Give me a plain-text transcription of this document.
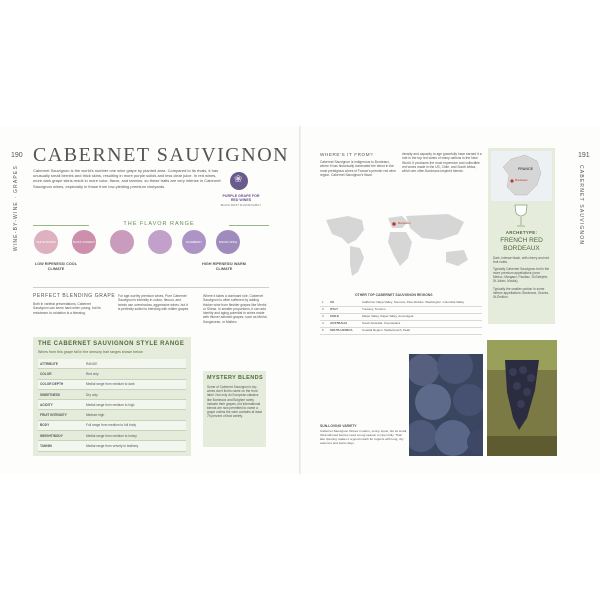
190
WINE-BY-WINE · GRAPES
CABERNET SAUVIGNON
Cabernet Sauvignon is the world's number one wine grape by planted area. Compared to its rivals, it has unusually small berries and thick skins, resulting in more purple solids and less clear juice. In red wines, more dark grape skins result in more color, flavor, and tannins, so these traits are very intense in Cabernet Sauvignon wines, especially in those from low-yielding premium vineyards.
❀
PURPLE GRAPE FOR RED WINES
BLACK FRUIT FLAVOR FAMILY
THE FLAVOR RANGE
WHITE PEPPER	BLACK CURRANT	BLUEBERRY	BAKING SPICE
LOW RIPENESS/ COOL CLIMATE
HIGH RIPENESS/ WARM CLIMATE
PERFECT BLENDING GRAPE
Both in varietal presentations, Cabernet Sauvignon can seem hard-when young, but its resistance to oxidation is a blessing.
For age-worthy premium wines, Pure Cabernet Sauvignon's intensity in colour, flavour, and tannin can overshadow, aggressive wines, but it is perfectly suited to blending with milder grapes.
Where it takes a dominant role, Cabernet Sauvignon is often softened by adding thicker wine from fleshier grapes like Merlot or Shiraz. In smaller proportions, it can add identity and aging potential to wines made with thinner-skinned grapes, such as Merlot, Sangiovese, or Malbec.
THE CABERNET SAUVIGNON STYLE RANGE
Wines from this grape fall in the sensory trait ranges shown below
ATTRIBUTE	RANGE
COLOR	Red only
COLOR DEPTH	Medial range from medium to dark
SWEETNESS	Dry only
ACIDITY	Medial range from medium to high
FRUIT INTENSITY	Medium high
BODY	Full range from medium to full body
WEIGHT/BODY	Medial range from medium to heavy
TANNIN	Medial range from velvety to leathery
MYSTERY BLENDS
Some of Cabernet Sauvignon's top wines don't list its name on the front label. Not only do European classics like Bordeaux and Bolgheri rarely indicate their grapes, but international blends are now permitted to name a grape unless the wine contains at least 75 percent of that variety.
191
CABERNET SAUVIGNON
WHERE'S IT FROM?
Cabernet Sauvignon is indigenous to Bordeaux, where it has historically dominated the blend in the most prestigious wines of France's premier red wine region. Cabernet Sauvignon's flavor
density and capacity to age gracefully have earned it a role in the top red wines of many nations in the New World. It produces the most expensive and collectible red wines made in the US, Chile, and South Africa, which are often Bordeaux-inspired blends.
Bordeaux
OTHER TOP CABERNET SAUVIGNON REGIONS
1	US	California: Napa Valley, Sonoma, Paso Robles. Washington: Columbia Valley
2	ITALY	Tuscany, Trentino
3	CHILE	Maipo Valley, Rapel Valley, Aconcagua
4	AUSTRALIA	South Australia: Coonawarra
5	SOUTH AFRICA	Coastal Region: Stellenbosch, Paarl
FRANCE
Bordeaux
ARCHETYPE:
FRENCH RED BORDEAUX

Dark, intense black, with cherry and red fruit notes.

Typically Cabernet Sauvignon-led in the more premium appellations (near Médoc, Margaux, Pauillac, St-Estèphe, St-Julien, Moulis).

Typically the smaller portion in some inferior appellations: Bordeaux, Graves, St-Émilion.

SUN-LOVING VARIETY
Cabernet Sauvignon thrives in warm, sunny spots, but its small, thick-skinned berries need a long season to ripen fully. Their late ripening makes it a good match for regions with long, dry autumns and warm days.
